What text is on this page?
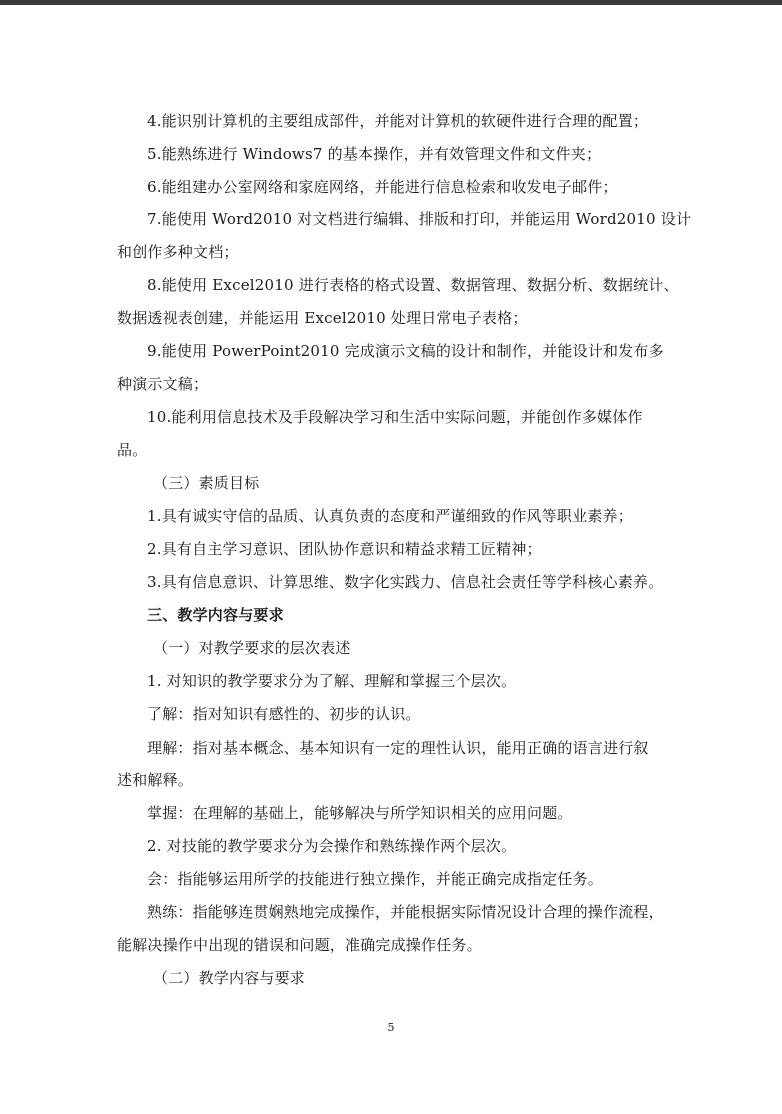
4.能识别计算机的主要组成部件，并能对计算机的软硬件进行合理的配置；
5.能熟练进行 Windows7 的基本操作，并有效管理文件和文件夹；
6.能组建办公室网络和家庭网络，并能进行信息检索和收发电子邮件；
7.能使用 Word2010 对文档进行编辑、排版和打印，并能运用 Word2010 设计
和创作多种文档；
8.能使用 Excel2010 进行表格的格式设置、数据管理、数据分析、数据统计、
数据透视表创建，并能运用 Excel2010 处理日常电子表格；
9.能使用 PowerPoint2010 完成演示文稿的设计和制作，并能设计和发布多
种演示文稿；
10.能利用信息技术及手段解决学习和生活中实际问题，并能创作多媒体作
品。
（三）素质目标
1.具有诚实守信的品质、认真负责的态度和严谨细致的作风等职业素养；
2.具有自主学习意识、团队协作意识和精益求精工匠精神；
3.具有信息意识、计算思维、数字化实践力、信息社会责任等学科核心素养。
三、教学内容与要求
（一）对教学要求的层次表述
1. 对知识的教学要求分为了解、理解和掌握三个层次。
了解：指对知识有感性的、初步的认识。
理解：指对基本概念、基本知识有一定的理性认识，能用正确的语言进行叙
述和解释。
掌握：在理解的基础上，能够解决与所学知识相关的应用问题。
2. 对技能的教学要求分为会操作和熟练操作两个层次。
会：指能够运用所学的技能进行独立操作，并能正确完成指定任务。
熟练：指能够连贯娴熟地完成操作，并能根据实际情况设计合理的操作流程，
能解决操作中出现的错误和问题，准确完成操作任务。
（二）教学内容与要求
5
